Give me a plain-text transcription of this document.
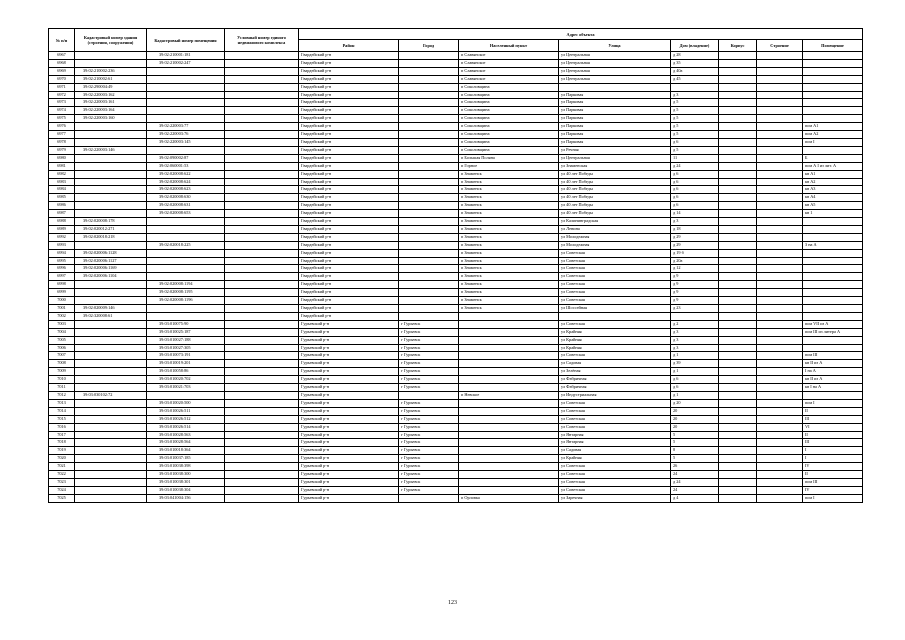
№ п/п	Кадастровый номер здания (строения, сооружения)	Кадастровый номер помещения	Условный номер единого недвижимого комплекса	Адрес объекта							
				Район	Город	Населенный пункт	Улица	Дом (владение)	Корпус	Строение	Помещение
6967		39:02:210001:181		Гвардейский р-н		п Славянское	ул Центральная	д 28			
6968		39:02:210002:247		Гвардейский р-н		п Славянское	ул Центральная	д 35			
6969	39:02:210002:236			Гвардейский р-н		п Славянское	ул Центральная	д 40а			
6970	39:02:210002:61			Гвардейский р-н		п Славянское	ул Центральная	д 45			
6971	39:02:290004:49			Гвардейский р-н		п Соколовщина					
6972	39:02:220003:162			Гвардейский р-н		п Соколовщина	ул Парковая	д 3			
6973	39:02:220003:161			Гвардейский р-н		п Соколовщина	ул Парковая	д 5			
6974	39:02:220003:164			Гвардейский р-н		п Соколовщина	ул Парковая	д 5			
6975	39:02:220003:160			Гвардейский р-н		п Соколовщина	ул Парковая	д 5			
6976		39:02:220003:77		Гвардейский р-н		п Соколовщина	ул Парковая	д 5			пом А1
6977		39:02:220003:76		Гвардейский р-н		п Соколовщина	ул Парковая	д 5			пом А2
6978		39:02:220003:145		Гвардейский р-н		п Соколовщина	ул Парковая	д 6			пом I
6979	39:02:220003:146			Гвардейский р-н		п Соколовщина	ул Речная	д 5			
6980		39:02:090002:87		Гвардейский р-н		п Большая Поляна	ул Центральная	11			Б
6981		39:02:060001:53		Гвардейский р-н		п Горное	ул Знаменская	д 24			пом А I из лит. А
6982		39:02:020008:622		Гвардейский р-н		п Знаменск	ул 40 лет Победы	д 6			кв А1
6983		39:02:020008:624		Гвардейский р-н		п Знаменск	ул 40 лет Победы	д 6			кв А2
6984		39:02:020008:623		Гвардейский р-н		п Знаменск	ул 40 лет Победы	д 6			кв А3
6985		39:02:020008:630		Гвардейский р-н		п Знаменск	ул 40 лет Победы	д 6			кв А4
6986		39:02:020008:631		Гвардейский р-н		п Знаменск	ул 40 лет Победы	д 6			кв А5
6987		39:02:020008:653		Гвардейский р-н		п Знаменск	ул 40 лет Победы	д 14			кв 1
6988	39:02:020008:178			Гвардейский р-н		п Знаменск	ул Калининградская	д 3			
6989	39:02:020012:271			Гвардейский р-н		п Знаменск	ул Ленина	д 18			
6992	39:02:020018:218			Гвардейский р-н		п Знаменск	ул Молодежная	д 29			
6993		39:02:020018:225		Гвардейский р-н		п Знаменск	ул Молодежная	д 29			3 на А
6994	39:02:020006:1128			Гвардейский р-н		п Знаменск	ул Советская	д 19 б			
6995	39:02:020006:1127			Гвардейский р-н		п Знаменск	ул Советская	д 20а			
6996	39:02:020006:1169			Гвардейский р-н		п Знаменск	ул Советская	д 12			
6997	39:02:020006:1104			Гвардейский р-н		п Знаменск	ул Советская	д 9			
6998		39:02:020008:1194		Гвардейский р-н		п Знаменск	ул Советская	д 9			
6999		39:02:020008:1195		Гвардейский р-н		п Знаменск	ул Советская	д 9			
7000		39:02:020008:1196		Гвардейский р-н		п Знаменск	ул Советская	д 9			
7001	39:02:020009:146			Гвардейский р-н		п Знаменск	ул Шоссейная	д 23			
7002	39:02:320008:61			Гвардейский р-н							
7003		39:03:010075:90		Гурьевский р-н	г Гурьевск		ул Советская	д 2			пом VII из А
7004		39:03:010025:187		Гурьевский р-н	г Гурьевск		ул Крайняя	д 3			пом III из литера А
7005		39:03:010027:188		Гурьевский р-н	г Гурьевск		ул Крайняя	д 3			
7006		39:03:010027:305		Гурьевский р-н	г Гурьевск		ул Крайняя	д 3			
7007		39:03:010073:191		Гурьевский р-н	г Гурьевск		ул Советская	д 1			пом III
7008		39:03:010019:201		Гурьевский р-н	г Гурьевск		ул Садовая	д 39			кв II из А
7009		39:03:010058:86		Гурьевский р-н	г Гурьевск		ул Зелёная	д 1			I на А
7010		39:03:010020:702		Гурьевский р-н	г Гурьевск		ул Фабричная	д 6			кв II из А
7011		39:03:010021:703		Гурьевский р-н	г Гурьевск		ул Фабричная	д 6			кв I на А
7012	39:03:030102:72			Гурьевский р-н		п Невское	ул Индустриальная	д 1			
7013		39:03:010020:500		Гурьевский р-н	г Гурьевск		ул Советская	д 20			пом I
7014		39:03:010026:511		Гурьевский р-н	г Гурьевск		ул Советская	20			II
7015		39:03:010026:512		Гурьевский р-н	г Гурьевск		ул Советская	20			III
7016		39:03:010026:514		Гурьевский р-н	г Гурьевск		ул Советская	20			VI
7017		39:03:010028:563		Гурьевский р-н	г Гурьевск		ул Янтарная	5			II
7018		39:03:010028:564		Гурьевский р-н	г Гурьевск		ул Янтарная	5			III
7019		39:03:010018:364		Гурьевский р-н	г Гурьевск		ул Садовая	8			I
7020		39:03:010037:185		Гурьевский р-н	г Гурьевск		ул Крайняя	5			I
7021		39:03:010038:398		Гурьевский р-н	г Гурьевск		ул Советская	26			IV
7022		39:03:010038:300		Гурьевский р-н	г Гурьевск		ул Советская	24			II
7023		39:03:010038:301		Гурьевский р-н	г Гурьевск		ул Советская	д 24			пом III
7024		39:03:010038:304		Гурьевский р-н	г Гурьевск		ул Советская	24			IV
7025		39:03:041004:156		Гурьевский р-н		п Орловка	ул Заречная	д 4			пом I
123
